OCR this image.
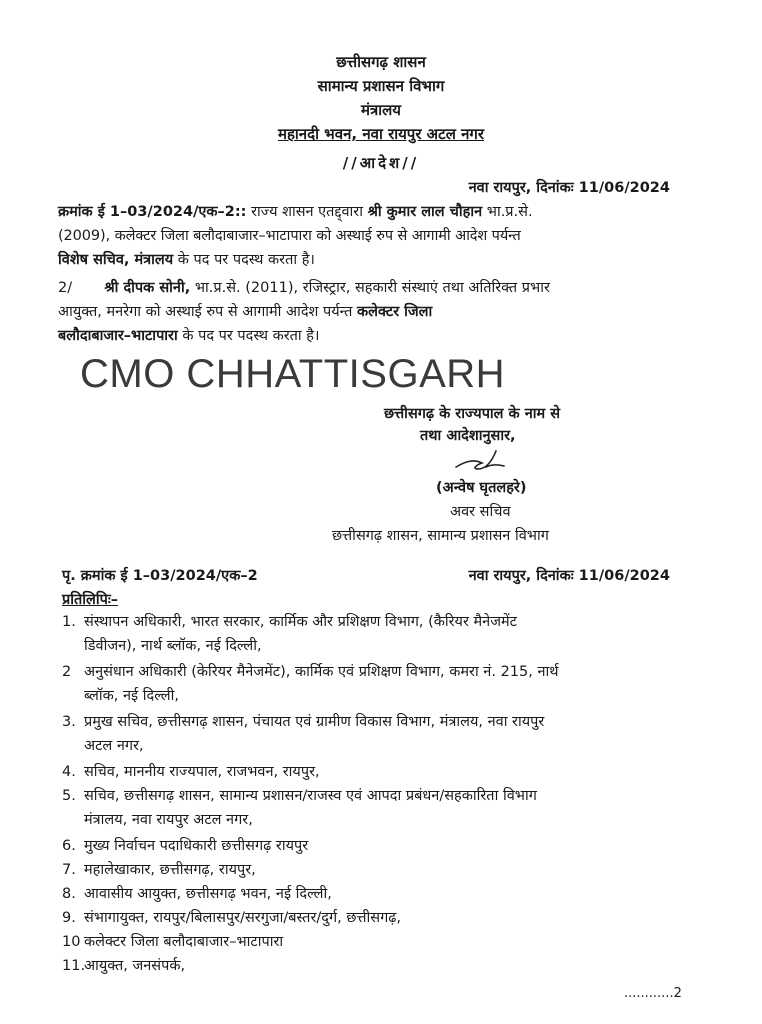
छत्तीसगढ़ शासन
सामान्य प्रशासन विभाग
मंत्रालय
महानदी भवन, नवा रायपुर अटल नगर
//आदेश//
नवा रायपुर, दिनांकः 11/06/2024
क्रमांक ई 1–03/2024/एक–2:: राज्य शासन एतद्द्वारा श्री कुमार लाल चौहान भा.प्र.से.
(2009), कलेक्टर जिला बलौदाबाजार–भाटापारा को अस्थाई रुप से आगामी आदेश पर्यन्त
विशेष सचिव, मंत्रालय के पद पर पदस्थ करता है।
2/ श्री दीपक सोनी, भा.प्र.से. (2011), रजिस्ट्रार, सहकारी संस्थाएं तथा अतिरिक्त प्रभार
आयुक्त, मनरेगा को अस्थाई रुप से आगामी आदेश पर्यन्त कलेक्टर जिला
बलौदाबाजार–भाटापारा के पद पर पदस्थ करता है।
CMO CHHATTISGARH
छत्तीसगढ़ के राज्यपाल के नाम से
तथा आदेशानुसार,
(अन्वेष घृतलहरे)
अवर सचिव
छत्तीसगढ़ शासन, सामान्य प्रशासन विभाग
पृ. क्रमांक ई 1–03/2024/एक–2	नवा रायपुर, दिनांकः 11/06/2024
प्रतिलिपिः–
1. संस्थापन अधिकारी, भारत सरकार, कार्मिक और प्रशिक्षण विभाग, (कैरियर मैनेजमेंट
डिवीजन), नार्थ ब्लॉक, नई दिल्ली,
2 अनुसंधान अधिकारी (केरियर मैनेजमेंट), कार्मिक एवं प्रशिक्षण विभाग, कमरा नं. 215, नार्थ
ब्लॉक, नई दिल्ली,
3. प्रमुख सचिव, छत्तीसगढ़ शासन, पंचायत एवं ग्रामीण विकास विभाग, मंत्रालय, नवा रायपुर
अटल नगर,
4. सचिव, माननीय राज्यपाल, राजभवन, रायपुर,
5. सचिव, छत्तीसगढ़ शासन, सामान्य प्रशासन/राजस्व एवं आपदा प्रबंधन/सहकारिता विभाग
मंत्रालय, नवा रायपुर अटल नगर,
6. मुख्य निर्वाचन पदाधिकारी छत्तीसगढ़ रायपुर
7. महालेखाकार, छत्तीसगढ़, रायपुर,
8. आवासीय आयुक्त, छत्तीसगढ़ भवन, नई दिल्ली,
9. संभागायुक्त, रायपुर/बिलासपुर/सरगुजा/बस्तर/दुर्ग, छत्तीसगढ़,
10 कलेक्टर जिला बलौदाबाजार–भाटापारा
11.आयुक्त, जनसंपर्क,
............2
